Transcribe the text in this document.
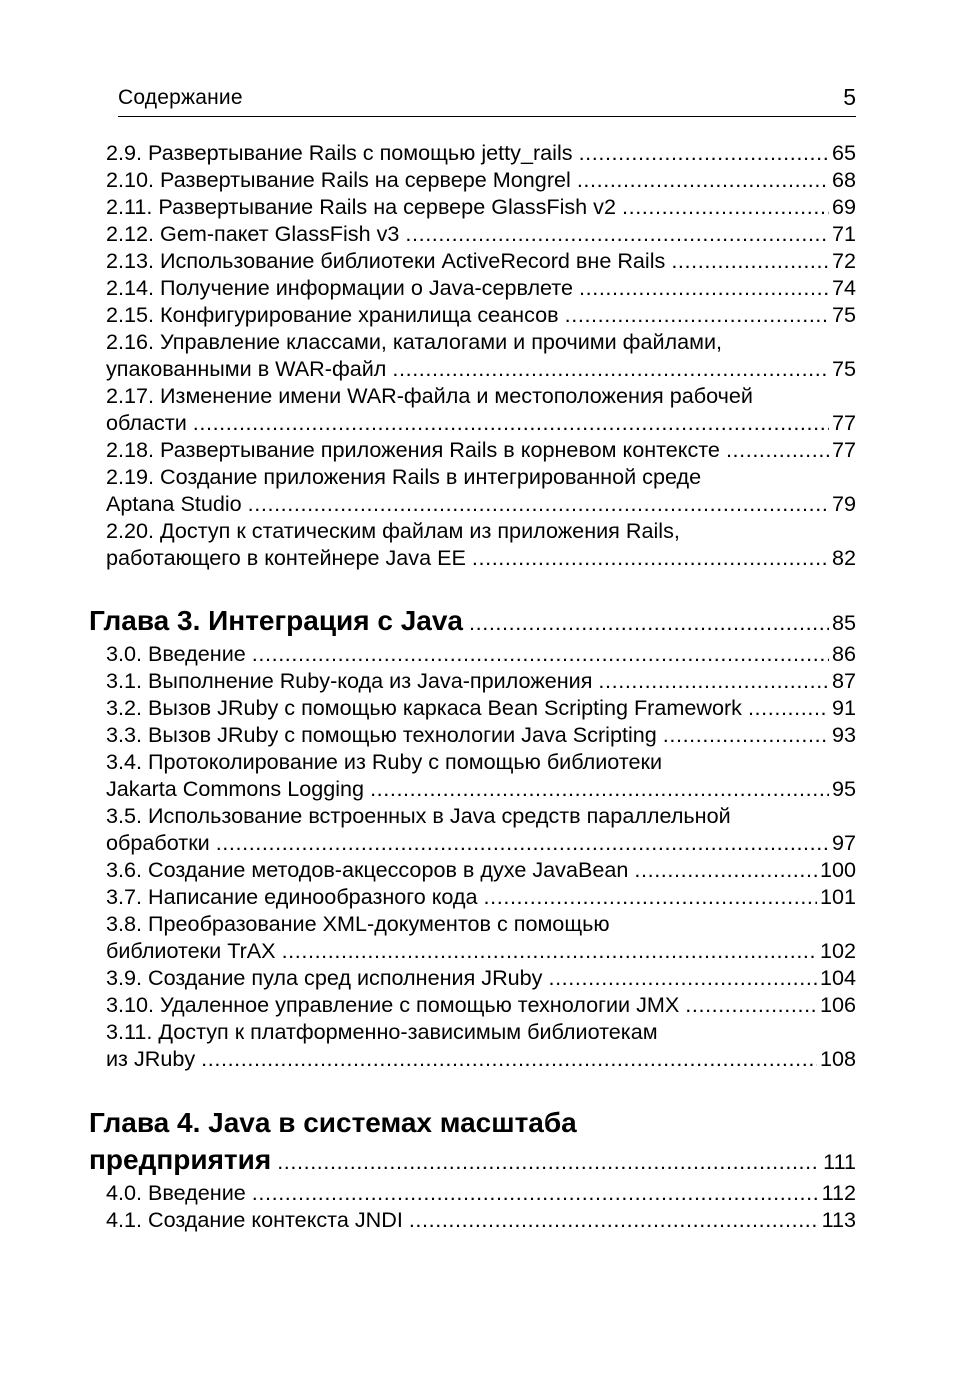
Содержание	5
2.9. Развертывание Rails с помощью jetty_rails .....	65
2.10. Развертывание Rails на сервере Mongrel .....	68
2.11. Развертывание Rails на сервере GlassFish v2 .....	69
2.12. Gem-пакет GlassFish v3 .....	71
2.13. Использование библиотеки ActiveRecord вне Rails .....	72
2.14. Получение информации о Java-сервлете .....	74
2.15. Конфигурирование хранилища сеансов .....	75
2.16. Управление классами, каталогами и прочими файлами,
упакованными в WAR-файл .....	75
2.17. Изменение имени WAR-файла и местоположения рабочей
области .....	77
2.18. Развертывание приложения Rails в корневом контексте .....	77
2.19. Создание приложения Rails в интегрированной среде
Aptana Studio .....	79
2.20. Доступ к статическим файлам из приложения Rails,
работающего в контейнере Java EE .....	82
Глава 3. Интеграция с Java .....	85
3.0. Введение .....	86
3.1. Выполнение Ruby-кода из Java-приложения .....	87
3.2. Вызов JRuby с помощью каркаса Bean Scripting Framework .....	91
3.3. Вызов JRuby с помощью технологии Java Scripting .....	93
3.4. Протоколирование из Ruby с помощью библиотеки
Jakarta Commons Logging .....	95
3.5. Использование встроенных в Java средств параллельной
обработки .....	97
3.6. Создание методов-акцессоров в духе JavaBean .....	100
3.7. Написание единообразного кода .....	101
3.8. Преобразование XML-документов с помощью
библиотеки TrAX .....	102
3.9. Создание пула сред исполнения JRuby .....	104
3.10. Удаленное управление с помощью технологии JMX .....	106
3.11. Доступ к платформенно-зависимым библиотекам
из JRuby .....	108
Глава 4. Java в системах масштаба
предприятия .....	111
4.0. Введение .....	112
4.1. Создание контекста JNDI .....	113
